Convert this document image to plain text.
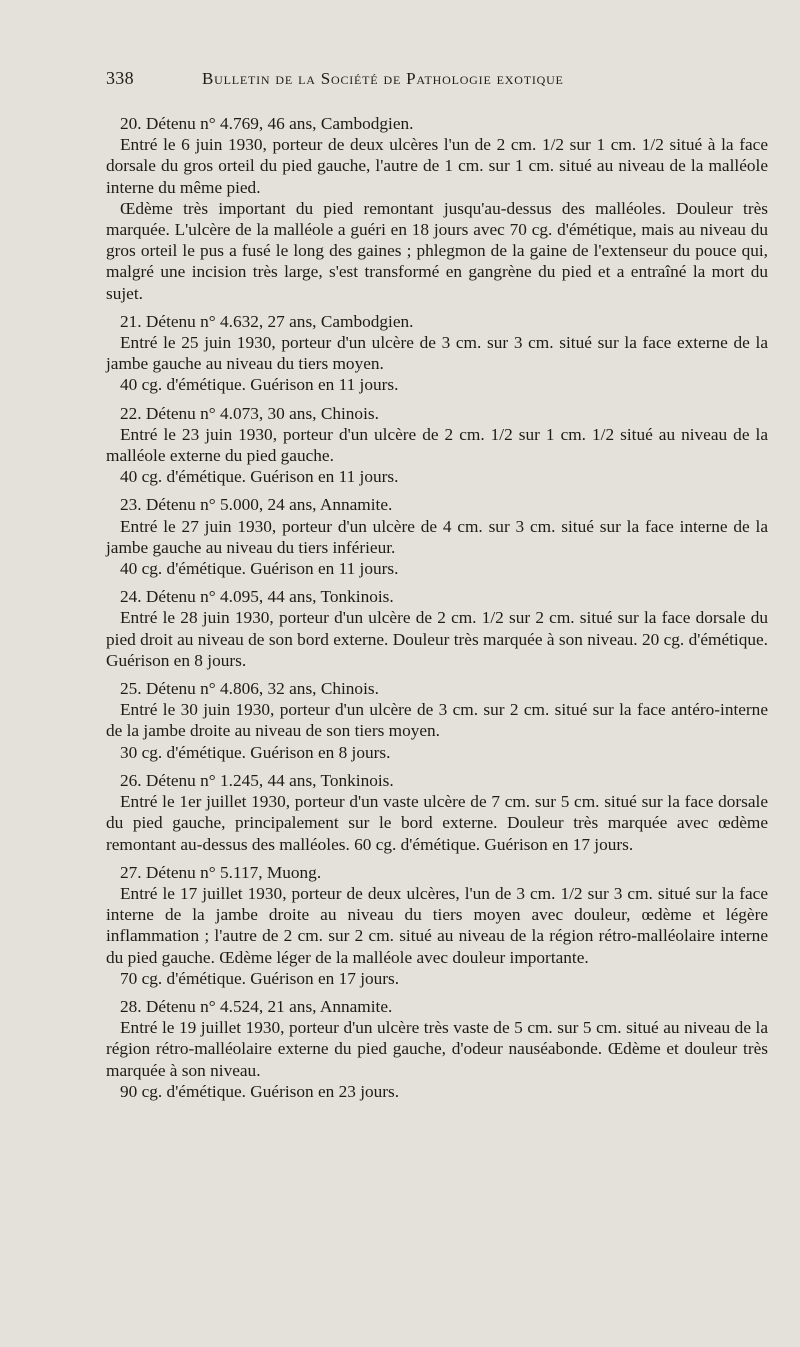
338	Bulletin de la Société de Pathologie exotique

20. Détenu n° 4.769, 46 ans, Cambodgien.

Entré le 6 juin 1930, porteur de deux ulcères l'un de 2 cm. 1/2 sur 1 cm. 1/2 situé à la face dorsale du gros orteil du pied gauche, l'autre de 1 cm. sur 1 cm. situé au niveau de la malléole interne du même pied.

Œdème très important du pied remontant jusqu'au-dessus des malléoles. Douleur très marquée. L'ulcère de la malléole a guéri en 18 jours avec 70 cg. d'émétique, mais au niveau du gros orteil le pus a fusé le long des gaines ; phlegmon de la gaine de l'extenseur du pouce qui, malgré une incision très large, s'est transformé en gangrène du pied et a entraîné la mort du sujet.

21. Détenu n° 4.632, 27 ans, Cambodgien.

Entré le 25 juin 1930, porteur d'un ulcère de 3 cm. sur 3 cm. situé sur la face externe de la jambe gauche au niveau du tiers moyen.

40 cg. d'émétique. Guérison en 11 jours.

22. Détenu n° 4.073, 30 ans, Chinois.

Entré le 23 juin 1930, porteur d'un ulcère de 2 cm. 1/2 sur 1 cm. 1/2 situé au niveau de la malléole externe du pied gauche.

40 cg. d'émétique. Guérison en 11 jours.

23. Détenu n° 5.000, 24 ans, Annamite.

Entré le 27 juin 1930, porteur d'un ulcère de 4 cm. sur 3 cm. situé sur la face interne de la jambe gauche au niveau du tiers inférieur.

40 cg. d'émétique. Guérison en 11 jours.

24. Détenu n° 4.095, 44 ans, Tonkinois.

Entré le 28 juin 1930, porteur d'un ulcère de 2 cm. 1/2 sur 2 cm. situé sur la face dorsale du pied droit au niveau de son bord externe. Douleur très marquée à son niveau. 20 cg. d'émétique. Guérison en 8 jours.

25. Détenu n° 4.806, 32 ans, Chinois.

Entré le 30 juin 1930, porteur d'un ulcère de 3 cm. sur 2 cm. situé sur la face antéro-interne de la jambe droite au niveau de son tiers moyen.

30 cg. d'émétique. Guérison en 8 jours.

26. Détenu n° 1.245, 44 ans, Tonkinois.

Entré le 1er juillet 1930, porteur d'un vaste ulcère de 7 cm. sur 5 cm. situé sur la face dorsale du pied gauche, principalement sur le bord externe. Douleur très marquée avec œdème remontant au-dessus des malléoles. 60 cg. d'émétique. Guérison en 17 jours.

27. Détenu n° 5.117, Muong.

Entré le 17 juillet 1930, porteur de deux ulcères, l'un de 3 cm. 1/2 sur 3 cm. situé sur la face interne de la jambe droite au niveau du tiers moyen avec douleur, œdème et légère inflammation ; l'autre de 2 cm. sur 2 cm. situé au niveau de la région rétro-malléolaire interne du pied gauche. Œdème léger de la malléole avec douleur importante.

70 cg. d'émétique. Guérison en 17 jours.

28. Détenu n° 4.524, 21 ans, Annamite.

Entré le 19 juillet 1930, porteur d'un ulcère très vaste de 5 cm. sur 5 cm. situé au niveau de la région rétro-malléolaire externe du pied gauche, d'odeur nauséabonde. Œdème et douleur très marquée à son niveau.

90 cg. d'émétique. Guérison en 23 jours.
